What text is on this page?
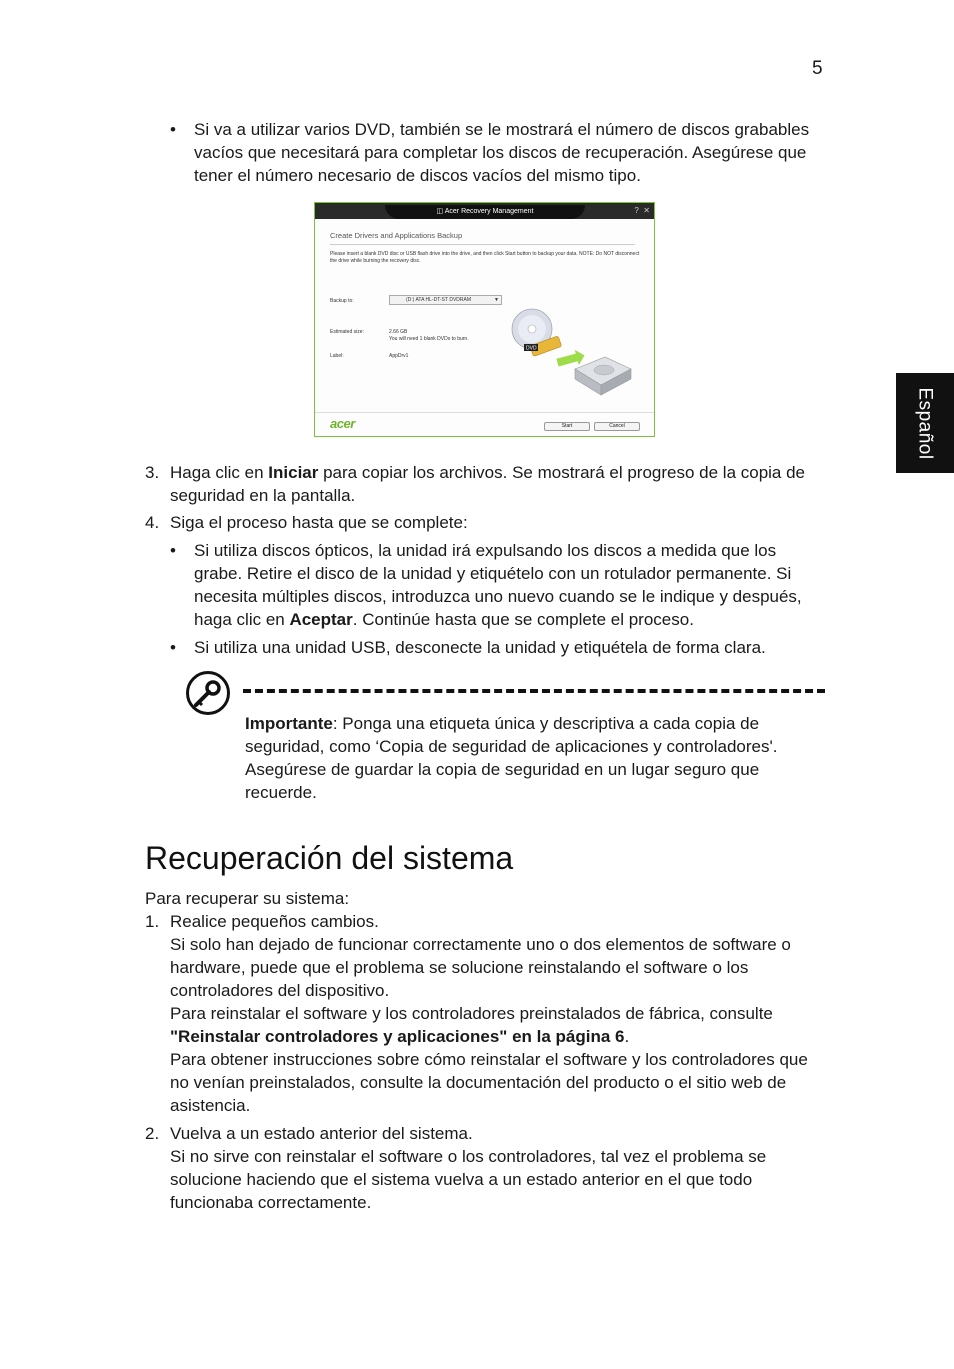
5
Español
• Si va a utilizar varios DVD, también se le mostrará el número de discos grabables vacíos que necesitará para completar los discos de recuperación. Asegúrese que tener el número necesario de discos vacíos del mismo tipo.
◫ Acer Recovery Management	? ✕
Create Drivers and Applications Backup
Please insert a blank DVD disc or USB flash drive into the drive, and then click Start button to backup your data. NOTE: Do NOT disconnect the drive while burning the recovery disc.
Backup to:	(D:) ATA HL-DT-ST DVDRAM	▼
Estimated size:	2.66 GB
You will need 1 blank DVDs to burn.
Label:	AppDrv1
DVD
acer	Start	Cancel
3. Haga clic en Iniciar para copiar los archivos. Se mostrará el progreso de la copia de seguridad en la pantalla.
4. Siga el proceso hasta que se complete:
• Si utiliza discos ópticos, la unidad irá expulsando los discos a medida que los grabe. Retire el disco de la unidad y etiquételo con un rotulador permanente. Si necesita múltiples discos, introduzca uno nuevo cuando se le indique y después, haga clic en Aceptar. Continúe hasta que se complete el proceso.
• Si utiliza una unidad USB, desconecte la unidad y etiquétela de forma clara.
Importante: Ponga una etiqueta única y descriptiva a cada copia de seguridad, como ‘Copia de seguridad de aplicaciones y controladores'. Asegúrese de guardar la copia de seguridad en un lugar seguro que recuerde.
Recuperación del sistema
Para recuperar su sistema:
1. Realice pequeños cambios.
Si solo han dejado de funcionar correctamente uno o dos elementos de software o hardware, puede que el problema se solucione reinstalando el software o los controladores del dispositivo.
Para reinstalar el software y los controladores preinstalados de fábrica, consulte "Reinstalar controladores y aplicaciones" en la página 6.
Para obtener instrucciones sobre cómo reinstalar el software y los controladores que no venían preinstalados, consulte la documentación del producto o el sitio web de asistencia.
2. Vuelva a un estado anterior del sistema.
Si no sirve con reinstalar el software o los controladores, tal vez el problema se solucione haciendo que el sistema vuelva a un estado anterior en el que todo funcionaba correctamente.
